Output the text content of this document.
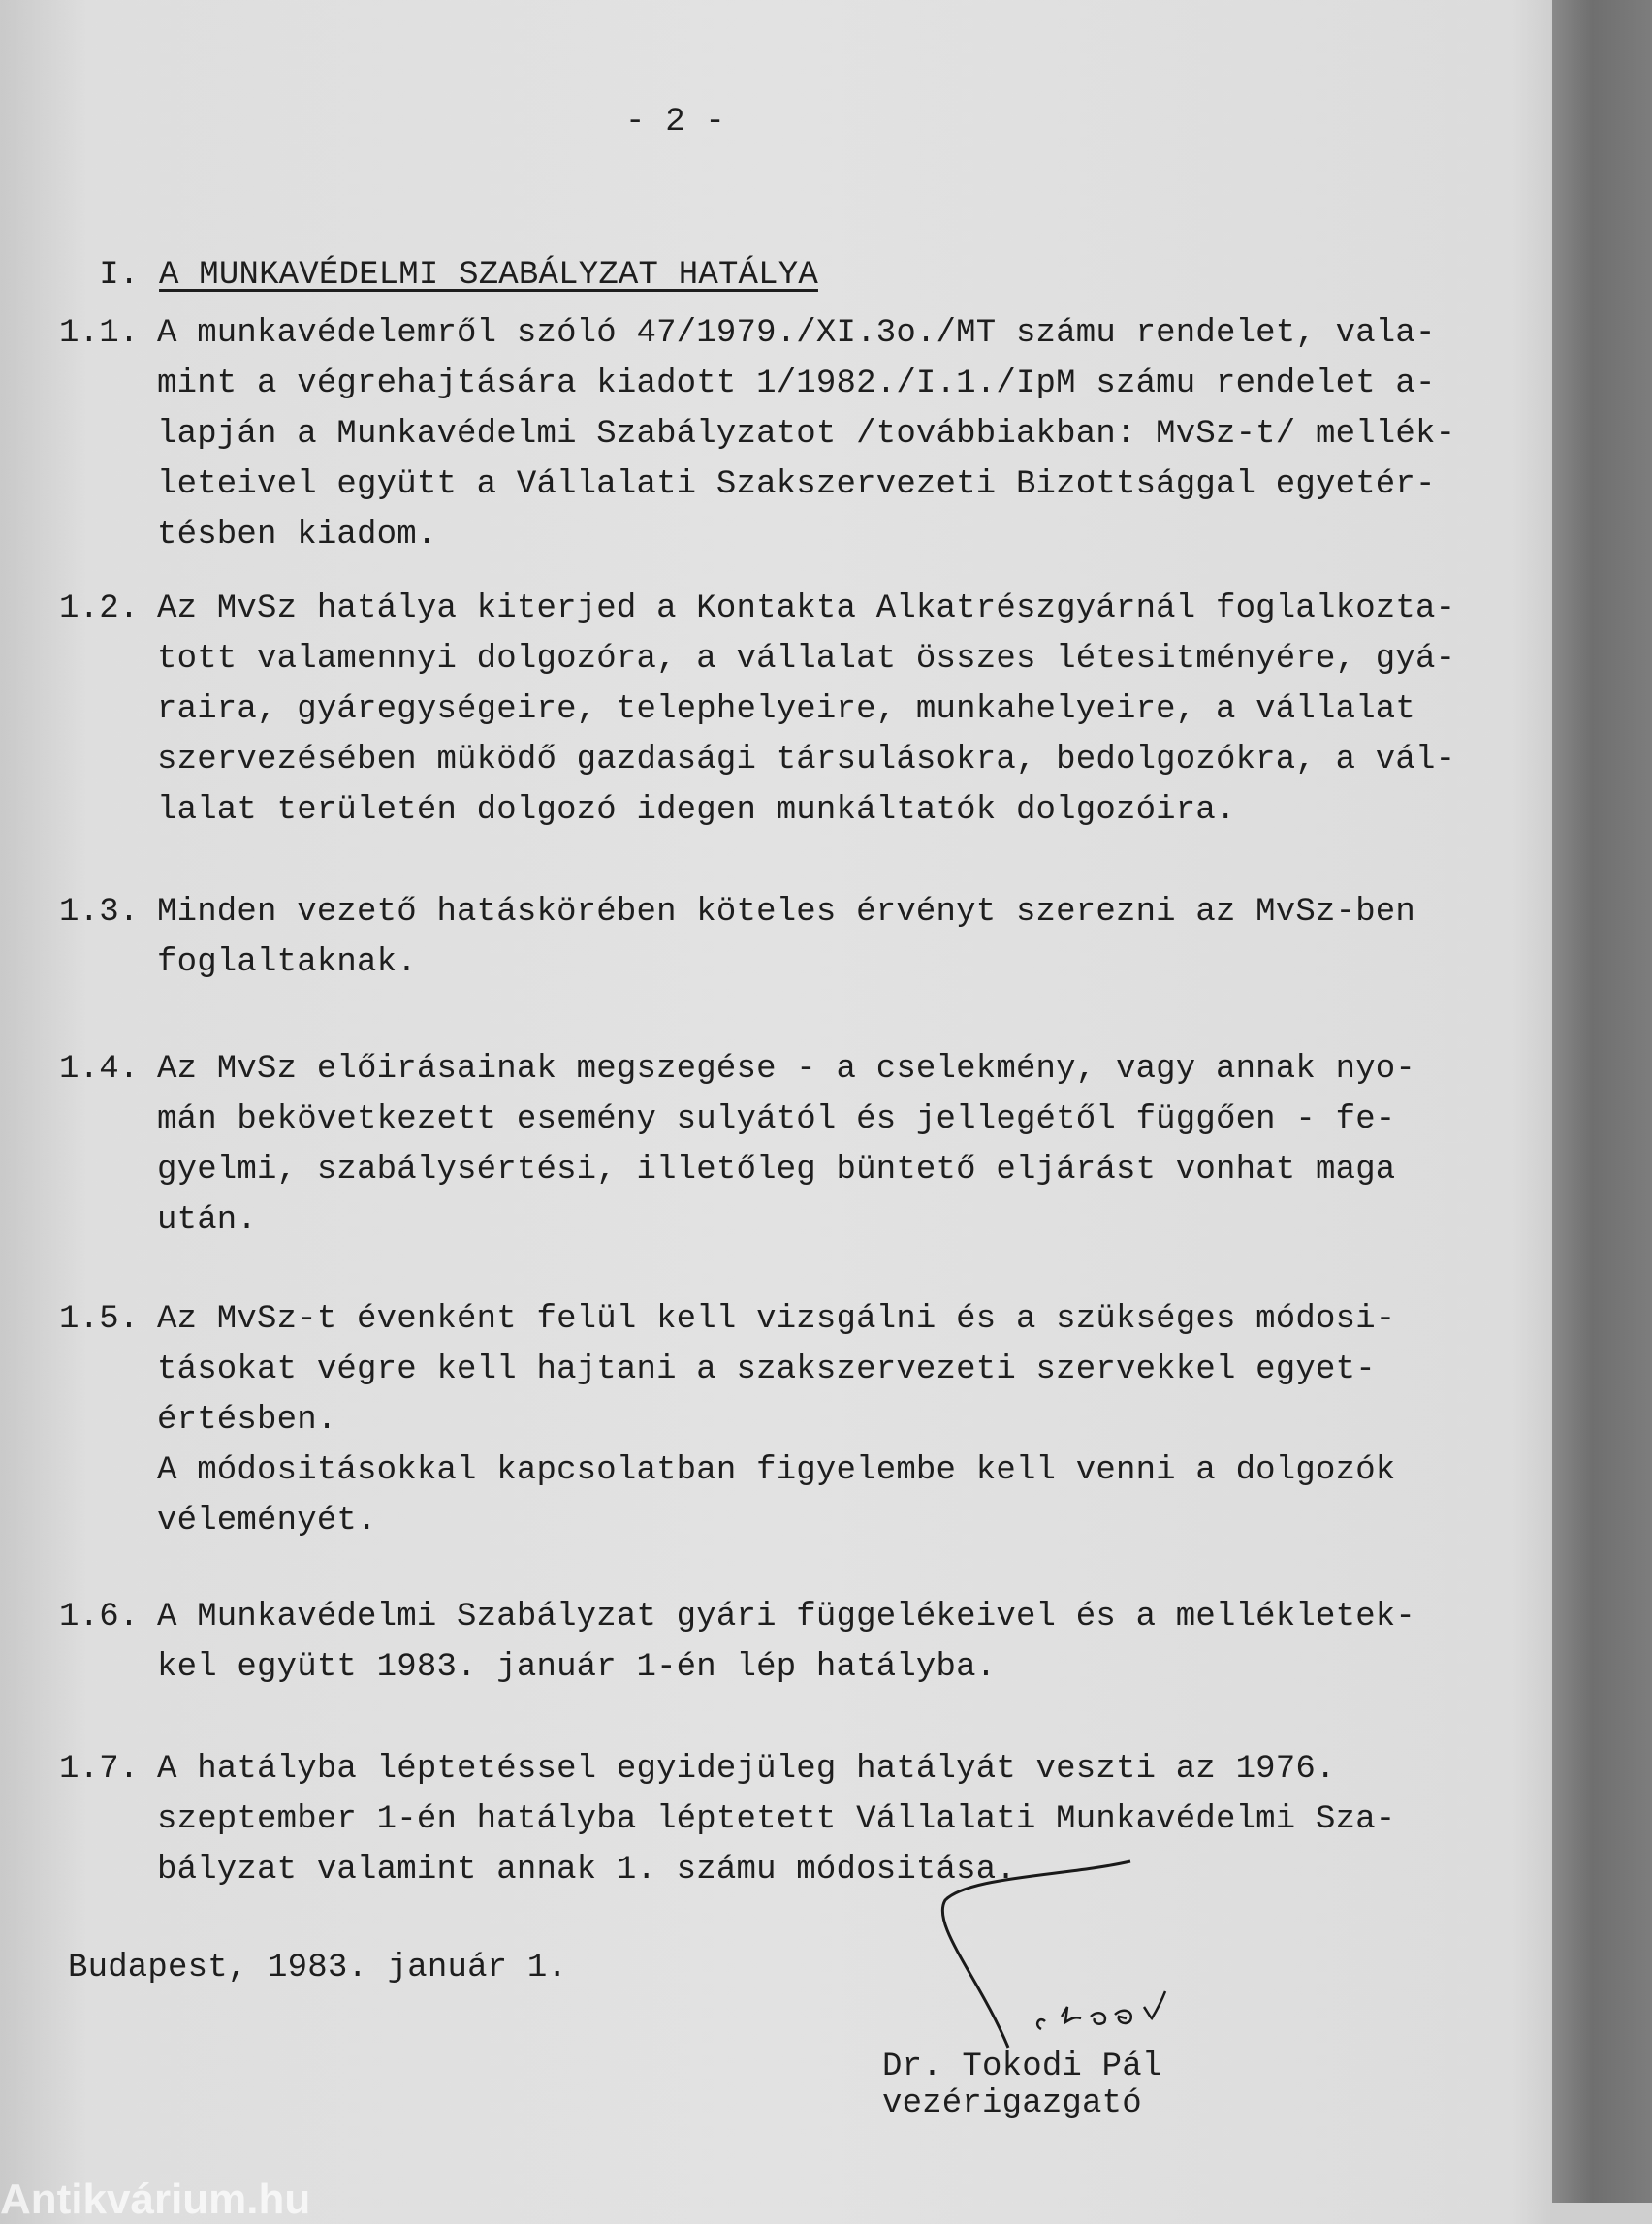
- 2 -

I. A MUNKAVÉDELMI SZABÁLYZAT HATÁLYA

1.1. A munkavédelemről szóló 47/1979./XI.3o./MT számu rendelet, vala-
mint a végrehajtására kiadott 1/1982./I.1./IpM számu rendelet a-
lapján a Munkavédelmi Szabályzatot /továbbiakban: MvSz-t/ mellék-
leteivel együtt a Vállalati Szakszervezeti Bizottsággal egyetér-
tésben kiadom.
1.2. Az MvSz hatálya kiterjed a Kontakta Alkatrészgyárnál foglalkozta-
tott valamennyi dolgozóra, a vállalat összes létesitményére, gyá-
raira, gyáregységeire, telephelyeire, munkahelyeire, a vállalat
szervezésében müködő gazdasági társulásokra, bedolgozókra, a vál-
lalat területén dolgozó idegen munkáltatók dolgozóira.
1.3. Minden vezető hatáskörében köteles érvényt szerezni az MvSz-ben
foglaltaknak.
1.4. Az MvSz előirásainak megszegése - a cselekmény, vagy annak nyo-
mán bekövetkezett esemény sulyától és jellegétől függően - fe-
gyelmi, szabálysértési, illetőleg büntető eljárást vonhat maga
után.
1.5. Az MvSz-t évenként felül kell vizsgálni és a szükséges módosi-
tásokat végre kell hajtani a szakszervezeti szervekkel egyet-
értésben.
A módositásokkal kapcsolatban figyelembe kell venni a dolgozók
véleményét.
1.6. A Munkavédelmi Szabályzat gyári függelékeivel és a mellékletek-
kel együtt 1983. január 1-én lép hatályba.
1.7. A hatályba léptetéssel egyidejüleg hatályát veszti az 1976.
szeptember 1-én hatályba léptetett Vállalati Munkavédelmi Sza-
bályzat valamint annak 1. számu módositása.
Budapest, 1983. január 1.
Dr. Tokodi Pál
vezérigazgató
Antikvárium.hu
